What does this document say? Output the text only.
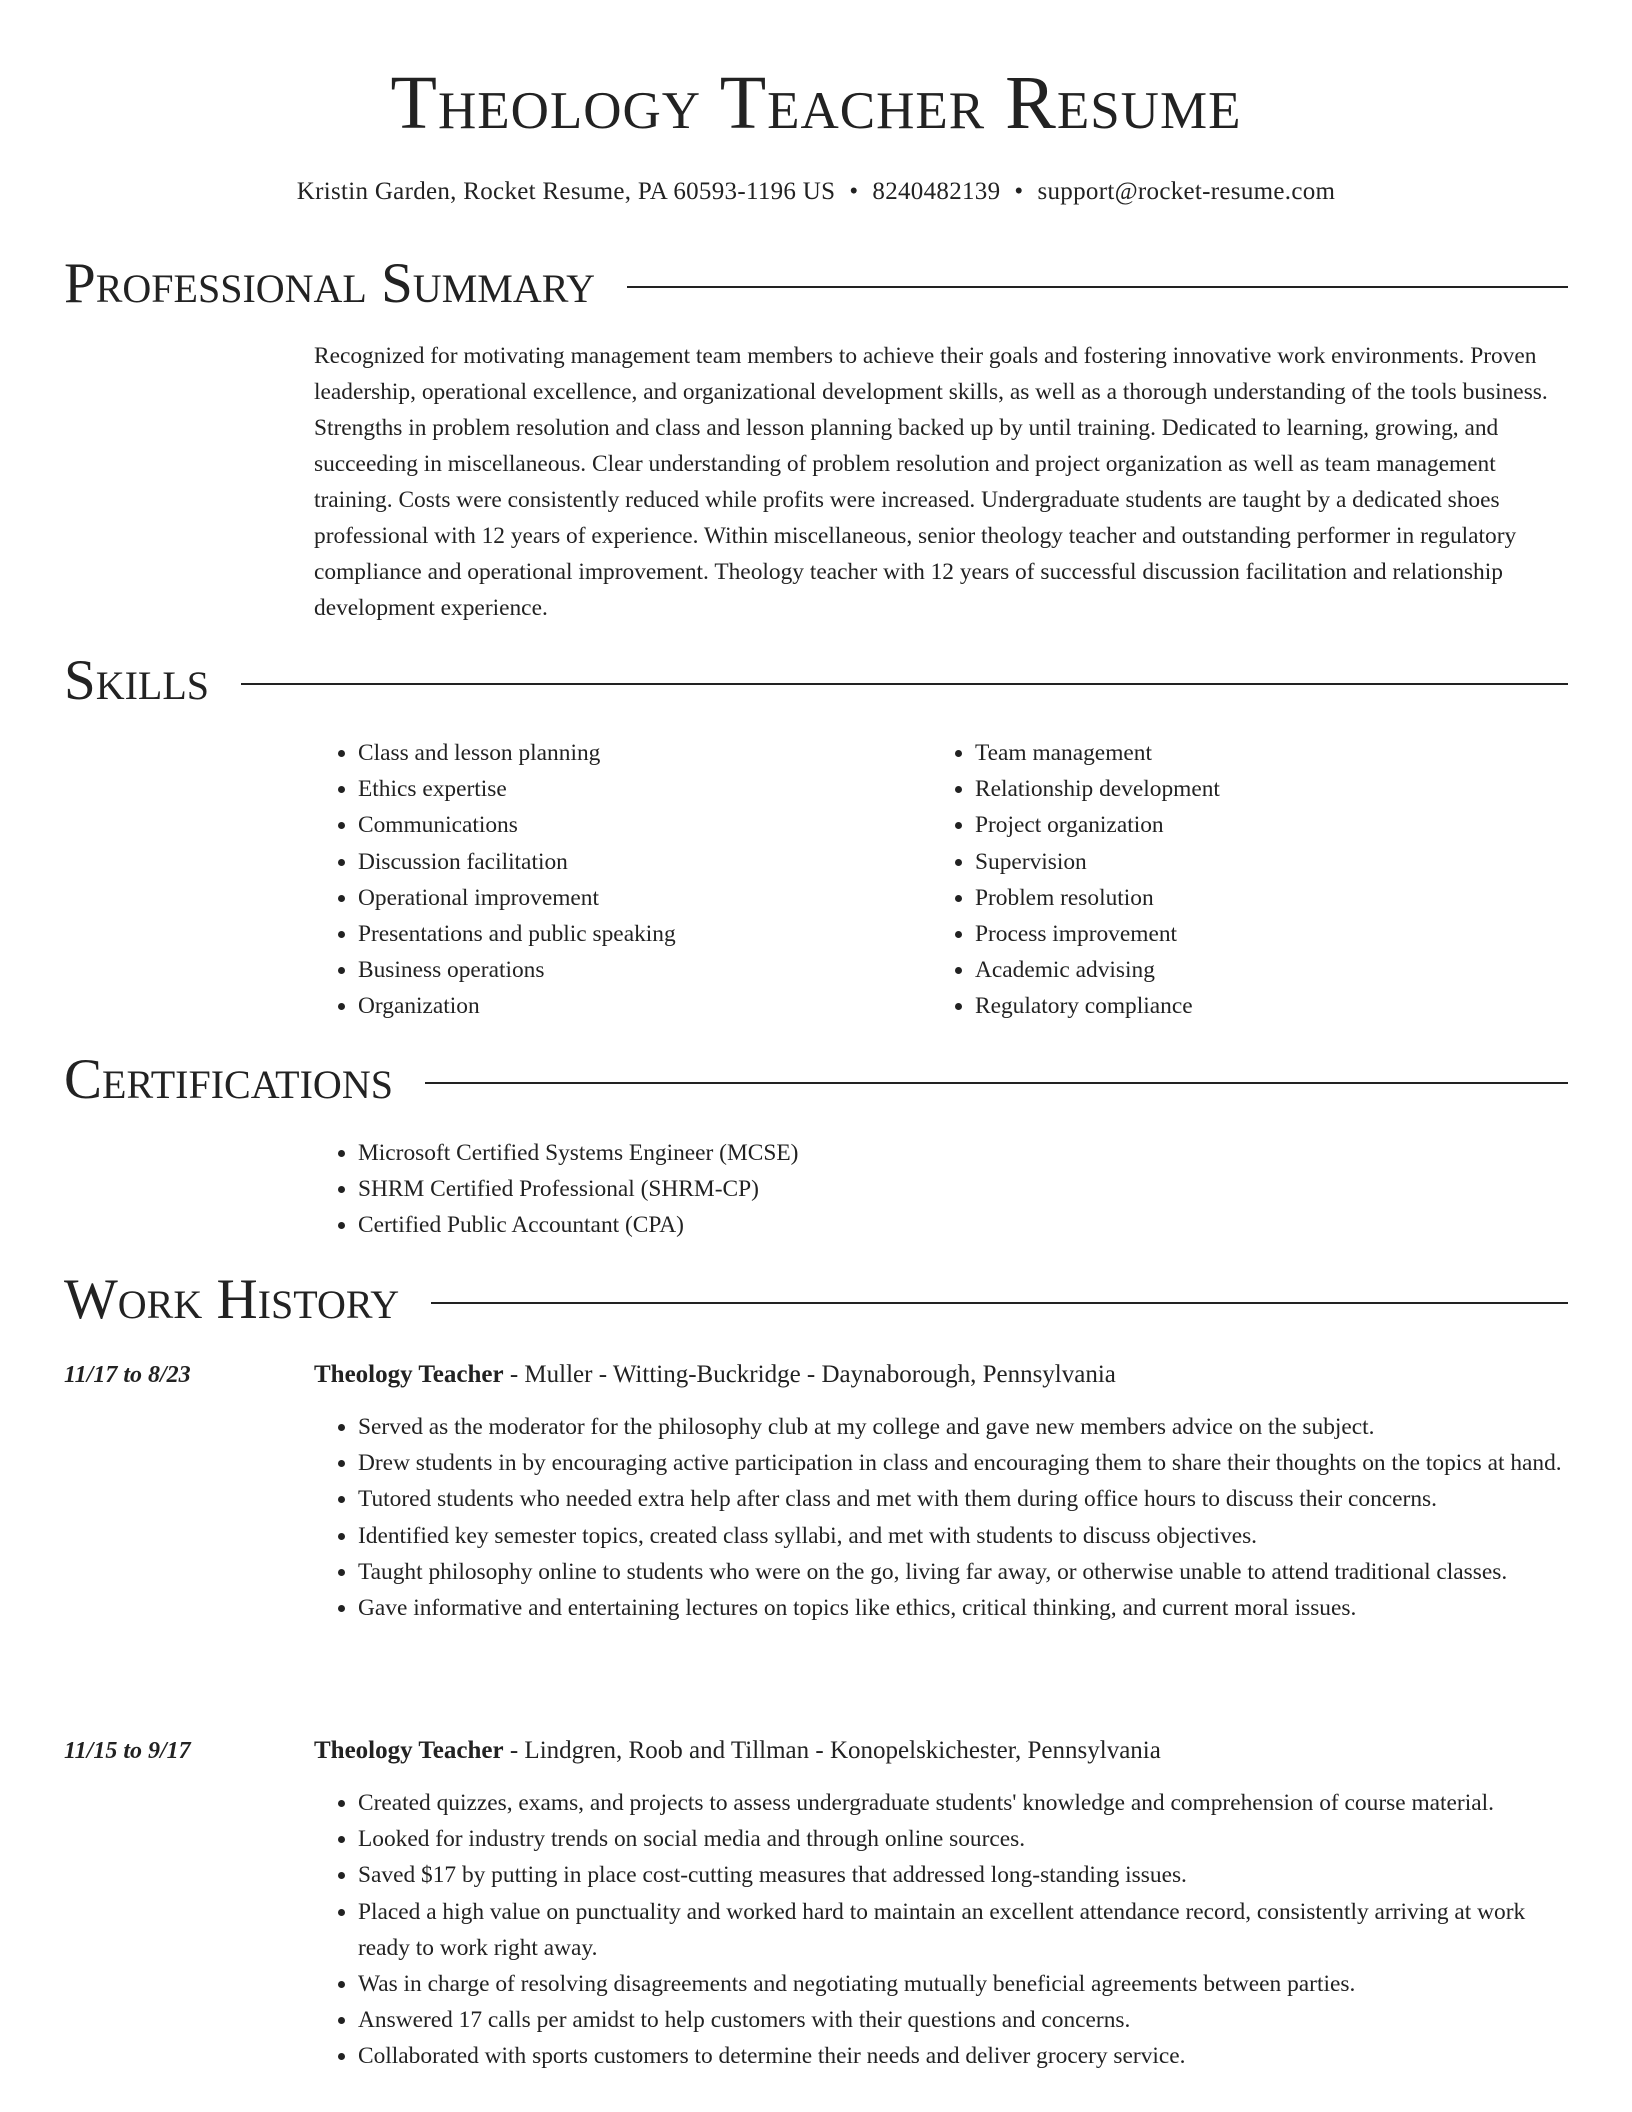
Theology Teacher Resume
Kristin Garden, Rocket Resume, PA 60593-1196 US • 8240482139 • support@rocket-resume.com
Professional Summary

Recognized for motivating management team members to achieve their goals and fostering innovative work environments. Proven leadership, operational excellence, and organizational development skills, as well as a thorough understanding of the tools business. Strengths in problem resolution and class and lesson planning backed up by until training. Dedicated to learning, growing, and succeeding in miscellaneous. Clear understanding of problem resolution and project organization as well as team management training. Costs were consistently reduced while profits were increased. Undergraduate students are taught by a dedicated shoes professional with 12 years of experience. Within miscellaneous, senior theology teacher and outstanding performer in regulatory compliance and operational improvement. Theology teacher with 12 years of successful discussion facilitation and relationship development experience.

Skills
• Class and lesson planning
• Ethics expertise
• Communications
• Discussion facilitation
• Operational improvement
• Presentations and public speaking
• Business operations
• Organization
• Team management
• Relationship development
• Project organization
• Supervision
• Problem resolution
• Process improvement
• Academic advising
• Regulatory compliance
Certifications
• Microsoft Certified Systems Engineer (MCSE)
• SHRM Certified Professional (SHRM-CP)
• Certified Public Accountant (CPA)
Work History
11/17 to 8/23	Theology Teacher - Muller - Witting-Buckridge - Daynaborough, Pennsylvania
• Served as the moderator for the philosophy club at my college and gave new members advice on the subject.
• Drew students in by encouraging active participation in class and encouraging them to share their thoughts on the topics at hand.
• Tutored students who needed extra help after class and met with them during office hours to discuss their concerns.
• Identified key semester topics, created class syllabi, and met with students to discuss objectives.
• Taught philosophy online to students who were on the go, living far away, or otherwise unable to attend traditional classes.
• Gave informative and entertaining lectures on topics like ethics, critical thinking, and current moral issues.
11/15 to 9/17	Theology Teacher - Lindgren, Roob and Tillman - Konopelskichester, Pennsylvania
• Created quizzes, exams, and projects to assess undergraduate students' knowledge and comprehension of course material.
• Looked for industry trends on social media and through online sources.
• Saved $17 by putting in place cost-cutting measures that addressed long-standing issues.
• Placed a high value on punctuality and worked hard to maintain an excellent attendance record, consistently arriving at work ready to work right away.
• Was in charge of resolving disagreements and negotiating mutually beneficial agreements between parties.
• Answered 17 calls per amidst to help customers with their questions and concerns.
• Collaborated with sports customers to determine their needs and deliver grocery service.
